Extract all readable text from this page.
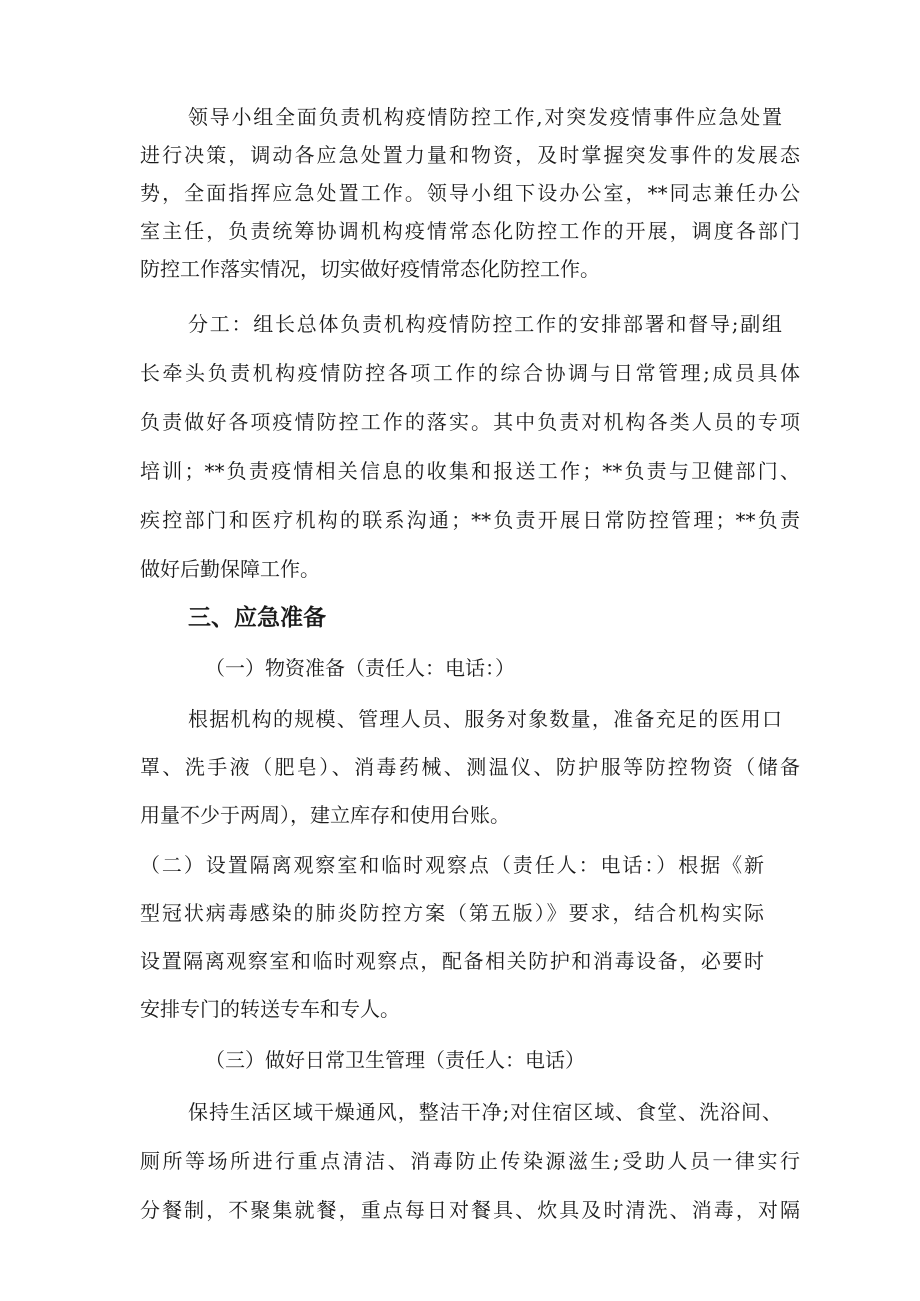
领导小组全面负责机构疫情防控工作,对突发疫情事件应急处置
进行决策，调动各应急处置力量和物资，及时掌握突发事件的发展态
势，全面指挥应急处置工作。领导小组下设办公室，**同志兼任办公
室主任，负责统筹协调机构疫情常态化防控工作的开展，调度各部门
防控工作落实情况，切实做好疫情常态化防控工作。
分工：组长总体负责机构疫情防控工作的安排部署和督导;副组
长牵头负责机构疫情防控各项工作的综合协调与日常管理;成员具体
负责做好各项疫情防控工作的落实。其中负责对机构各类人员的专项
培训；**负责疫情相关信息的收集和报送工作；**负责与卫健部门、
疾控部门和医疗机构的联系沟通；**负责开展日常防控管理；**负责
做好后勤保障工作。
三、应急准备
（一）物资准备（责任人：电话：）
根据机构的规模、管理人员、服务对象数量，准备充足的医用口
罩、洗手液（肥皂）、消毒药械、测温仪、防护服等防控物资（储备
用量不少于两周），建立库存和使用台账。
（二）设置隔离观察室和临时观察点（责任人：电话：）根据《新
型冠状病毒感染的肺炎防控方案（第五版）》要求，结合机构实际
设置隔离观察室和临时观察点，配备相关防护和消毒设备，必要时
安排专门的转送专车和专人。
（三）做好日常卫生管理（责任人：电话）
保持生活区域干燥通风，整洁干净;对住宿区域、食堂、洗浴间、
厕所等场所进行重点清洁、消毒防止传染源滋生;受助人员一律实行
分餐制，不聚集就餐，重点每日对餐具、炊具及时清洗、消毒，对隔
